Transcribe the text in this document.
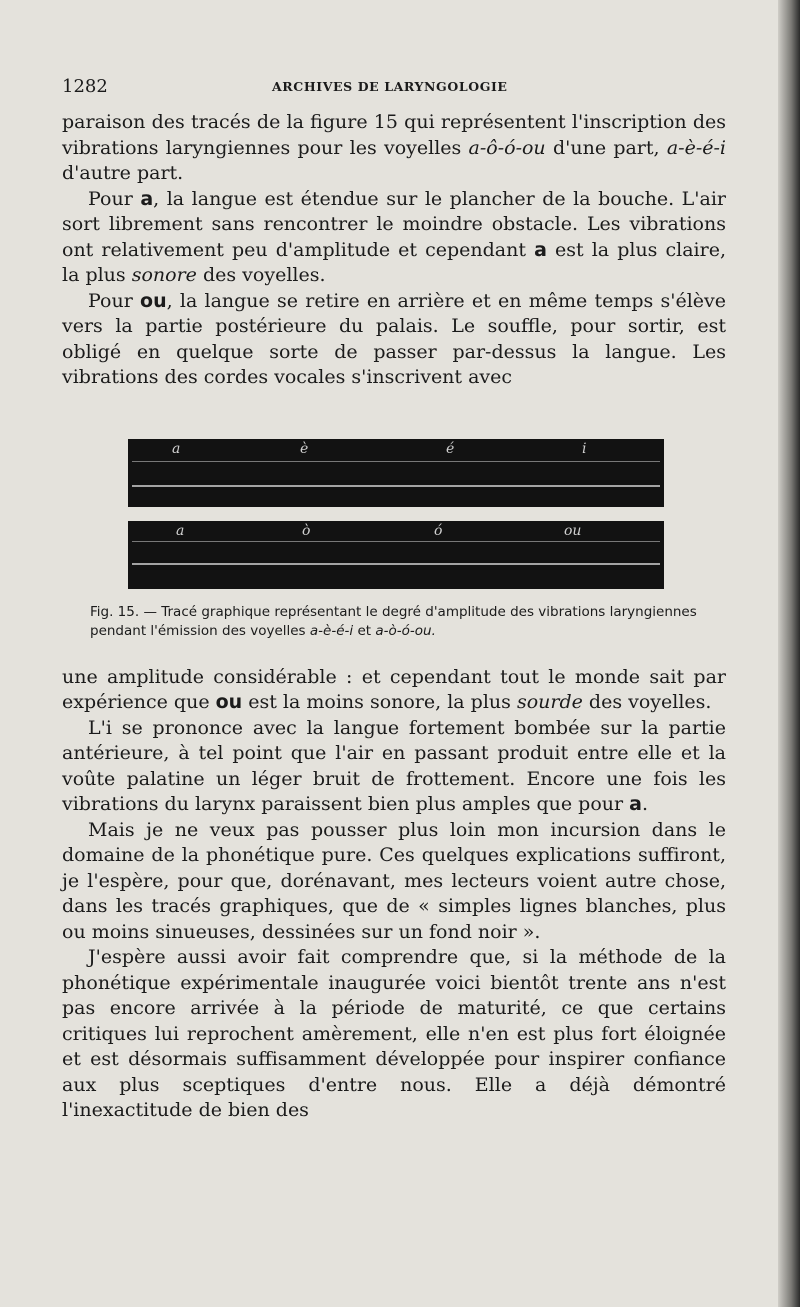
1282	ARCHIVES DE LARYNGOLOGIE

paraison des tracés de la figure 15 qui représentent l'inscription des vibrations laryngiennes pour les voyelles a-ô-ó-ou d'une part, a-è-é-i d'autre part.

Pour a, la langue est étendue sur le plancher de la bouche. L'air sort librement sans rencontrer le moindre obstacle. Les vibrations ont relativement peu d'amplitude et cependant a est la plus claire, la plus sonore des voyelles.

Pour ou, la langue se retire en arrière et en même temps s'élève vers la partie postérieure du palais. Le souffle, pour sortir, est obligé en quelque sorte de passer par-dessus la langue. Les vibrations des cordes vocales s'inscrivent avec

a	è	é	i
a	ò	ó	ou
Fig. 15. — Tracé graphique représentant le degré d'amplitude des vibrations laryngiennes pendant l'émission des voyelles a-è-é-i et a-ò-ó-ou.

une amplitude considérable : et cependant tout le monde sait par expérience que ou est la moins sonore, la plus sourde des voyelles.

L'i se prononce avec la langue fortement bombée sur la partie antérieure, à tel point que l'air en passant produit entre elle et la voûte palatine un léger bruit de frottement. Encore une fois les vibrations du larynx paraissent bien plus amples que pour a.

Mais je ne veux pas pousser plus loin mon incursion dans le domaine de la phonétique pure. Ces quelques explications suffiront, je l'espère, pour que, dorénavant, mes lecteurs voient autre chose, dans les tracés graphiques, que de « simples lignes blanches, plus ou moins sinueuses, dessinées sur un fond noir ».

J'espère aussi avoir fait comprendre que, si la méthode de la phonétique expérimentale inaugurée voici bientôt trente ans n'est pas encore arrivée à la période de maturité, ce que certains critiques lui reprochent amèrement, elle n'en est plus fort éloignée et est désormais suffisamment développée pour inspirer confiance aux plus sceptiques d'entre nous. Elle a déjà démontré l'inexactitude de bien des
